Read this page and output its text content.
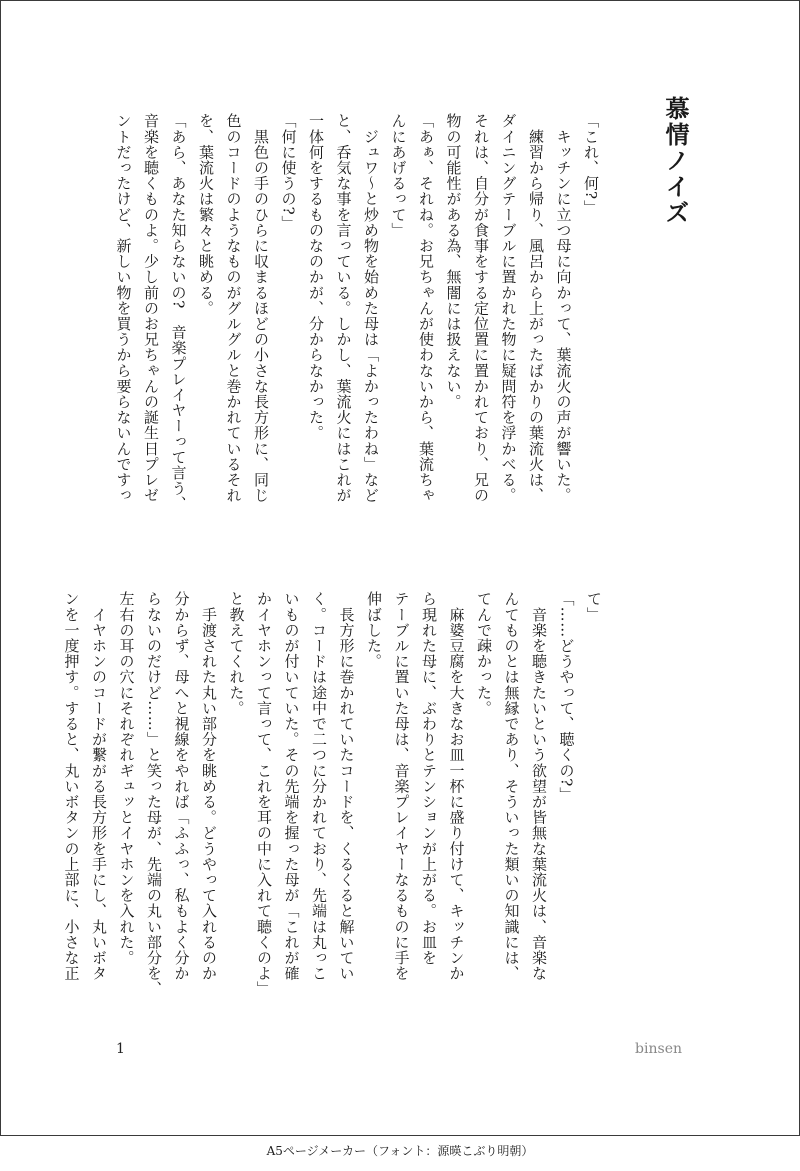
慕情ノイズ

「これ、何?」

　キッチンに立つ母に向かって、葉流火の声が響いた。

　練習から帰り、風呂から上がったばかりの葉流火は、

ダイニングテーブルに置かれた物に疑問符を浮かべる。

それは、自分が食事をする定位置に置かれており、兄の

物の可能性がある為、無闇には扱えない。

「あぁ、それね。お兄ちゃんが使わないから、葉流ちゃ

んにあげるって」

　ジュワ〜と炒め物を始めた母は「よかったわね」など

と、呑気な事を言っている。しかし、葉流火にはこれが

一体何をするものなのかが、分からなかった。

「何に使うの?」

　黒色の手のひらに収まるほどの小さな長方形に、同じ

色のコードのようなものがグルグルと巻かれているそれ

を、葉流火は繁々と眺める。

「あら、あなた知らないの?　音楽プレイヤーって言う、

音楽を聴くものよ。少し前のお兄ちゃんの誕生日プレゼ

ントだったけど、新しい物を買うから要らないんですっ

て」

「……どうやって、聴くの?」

　音楽を聴きたいという欲望が皆無な葉流火は、音楽な

んてものとは無縁であり、そういった類いの知識には、

てんで疎かった。

　麻婆豆腐を大きなお皿一杯に盛り付けて、キッチンか

ら現れた母に、ぶわりとテンションが上がる。お皿を

テーブルに置いた母は、音楽プレイヤーなるものに手を

伸ばした。

　長方形に巻かれていたコードを、くるくると解いてい

く。コードは途中で二つに分かれており、先端は丸っこ

いものが付いていた。その先端を握った母が「これが確

かイヤホンって言って、これを耳の中に入れて聴くのよ」

と教えてくれた。

　手渡された丸い部分を眺める。どうやって入れるのか

分からず、母へと視線をやれば「ふふっ、私もよく分か

らないのだけど……」と笑った母が、先端の丸い部分を、

左右の耳の穴にそれぞれギュッとイヤホンを入れた。

　イヤホンのコードが繋がる長方形を手にし、丸いボタ

ンを一度押す。すると、丸いボタンの上部に、小さな正

1	binsen
A5ページメーカー（フォント：源暎こぶり明朝）
